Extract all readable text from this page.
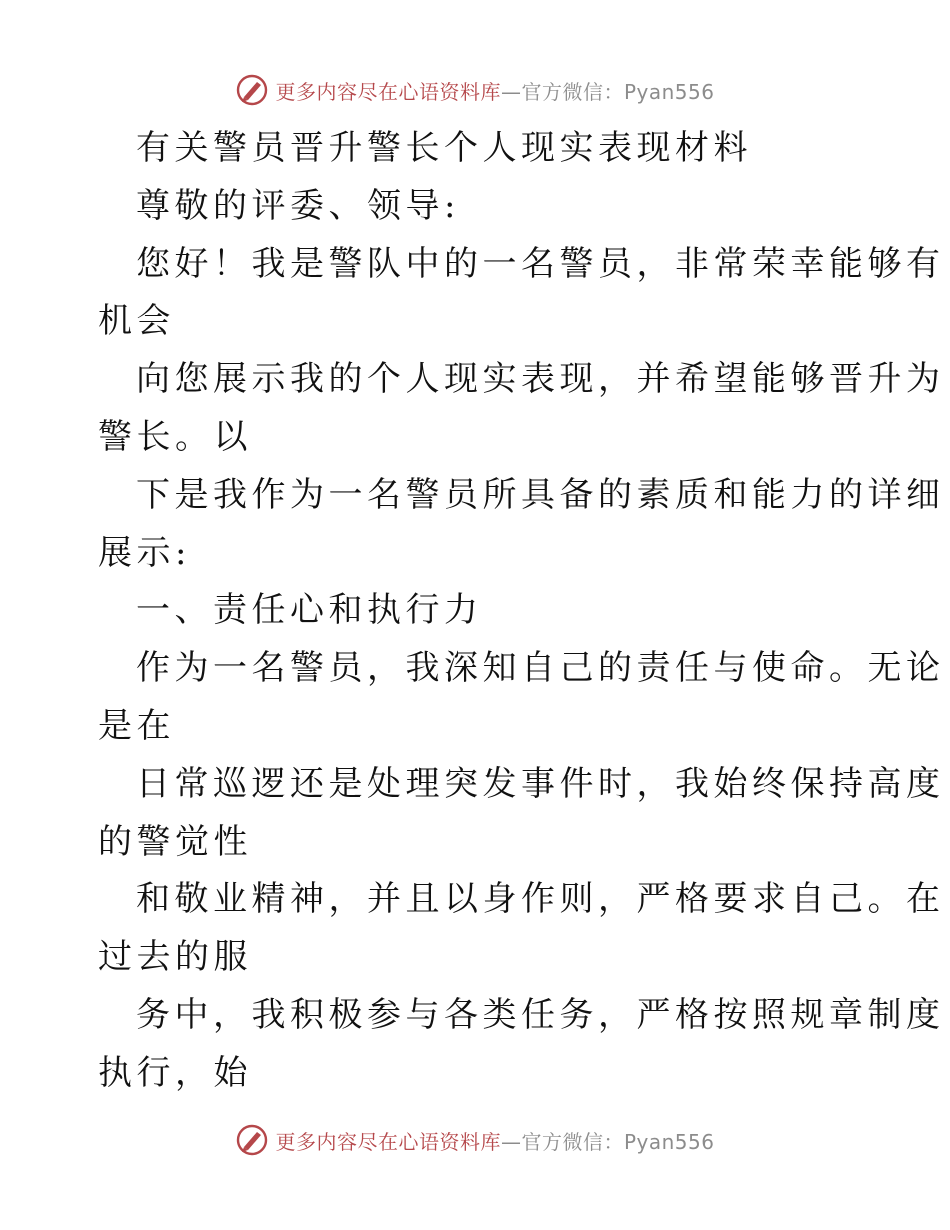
更多内容尽在心语资料库—官方微信：Pyan556
有关警员晋升警长个人现实表现材料
尊敬的评委、领导:
您好！我是警队中的一名警员，非常荣幸能够有
机会
向您展示我的个人现实表现，并希望能够晋升为
警长。以
下是我作为一名警员所具备的素质和能力的详细
展示:
一、责任心和执行力
作为一名警员，我深知自己的责任与使命。无论
是在
日常巡逻还是处理突发事件时，我始终保持高度
的警觉性
和敬业精神，并且以身作则，严格要求自己。在
过去的服
务中，我积极参与各类任务，严格按照规章制度
执行，始
更多内容尽在心语资料库—官方微信：Pyan556
